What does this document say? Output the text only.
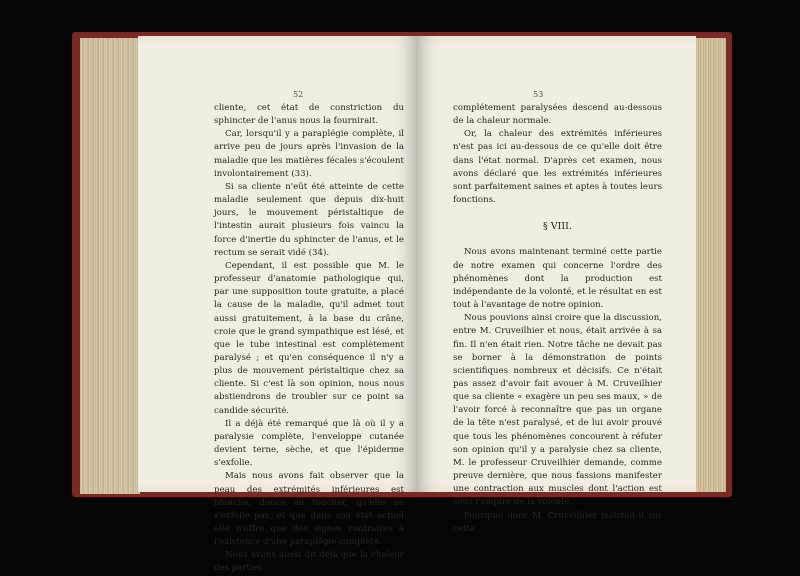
52

cliente, cet état de constriction du sphincter de l'anus nous la fournirait.

Car, lorsqu'il y a paraplégie complète, il arrive peu de jours après l'invasion de la maladie que les matières fécales s'écoulent involontairement (33).

Si sa cliente n'eût été atteinte de cette maladie seulement que depuis dix-huit jours, le mouvement péristaltique de l'intestin aurait plusieurs fois vaincu la force d'inertie du sphincter de l'anus, et le rectum se serait vidé (34).

Cependant, il est possible que M. le professeur d'anatomie pathologique qui, par une supposition toute gratuite, a placé la cause de la maladie, qu'il admet tout aussi gratuitement, à la base du crâne, croie que le grand sympathique est lésé, et que le tube intestinal est complètement paralysé ; et qu'en conséquence il n'y a plus de mouvement péristaltique chez sa cliente. Si c'est là son opinion, nous nous abstiendrons de troubler sur ce point sa candide sécurité.

Il a déjà été remarqué que là où il y a paralysie complète, l'enveloppe cutanée devient terne, sèche, et que l'épiderme s'exfolie.

Mais nous avons fait observer que la peau des extrémités inférieures est blanche, douce au toucher, qu'elle ne s'exfolie pas, et que dans son état actuel elle n'offre que des signes contraires à l'existence d'une paraplégie complète.

Nous avons aussi dit déjà que la chaleur des parties

53

complétement paralysées descend au-dessous de la chaleur normale.

Or, la chaleur des extrémités inférieures n'est pas ici au-dessous de ce qu'elle doit être dans l'état normal. D'après cet examen, nous avons déclaré que les extrémités inférieures sont parfaitement saines et aptes à toutes leurs fonctions.

§ VIII.

Nous avons maintenant terminé cette partie de notre examen qui concerne l'ordre des phénomènes dont la production est indépendante de la volonté, et le résultat en est tout à l'avantage de notre opinion.

Nous pouvions ainsi croire que la discussion, entre M. Cruveilhier et nous, était arrivée à sa fin. Il n'en était rien. Notre tâche ne devait pas se borner à la démonstration de points scientifiques nombreux et décisifs. Ce n'était pas assez d'avoir fait avouer à M. Cruveilhier que sa cliente « exagère un peu ses maux, » de l'avoir forcé à reconnaître que pas un organe de la tête n'est paralysé, et de lui avoir prouvé que tous les phénomènes concourent à réfuter son opinion qu'il y a paralysie chez sa cliente, M. le professeur Cruveilhier demande, comme preuve dernière, que nous fassions manifester une contraction aux muscles dont l'action est sous l'empire de la volonté.

Pourquoi donc M. Cruveilhier insistait-il sur cette
